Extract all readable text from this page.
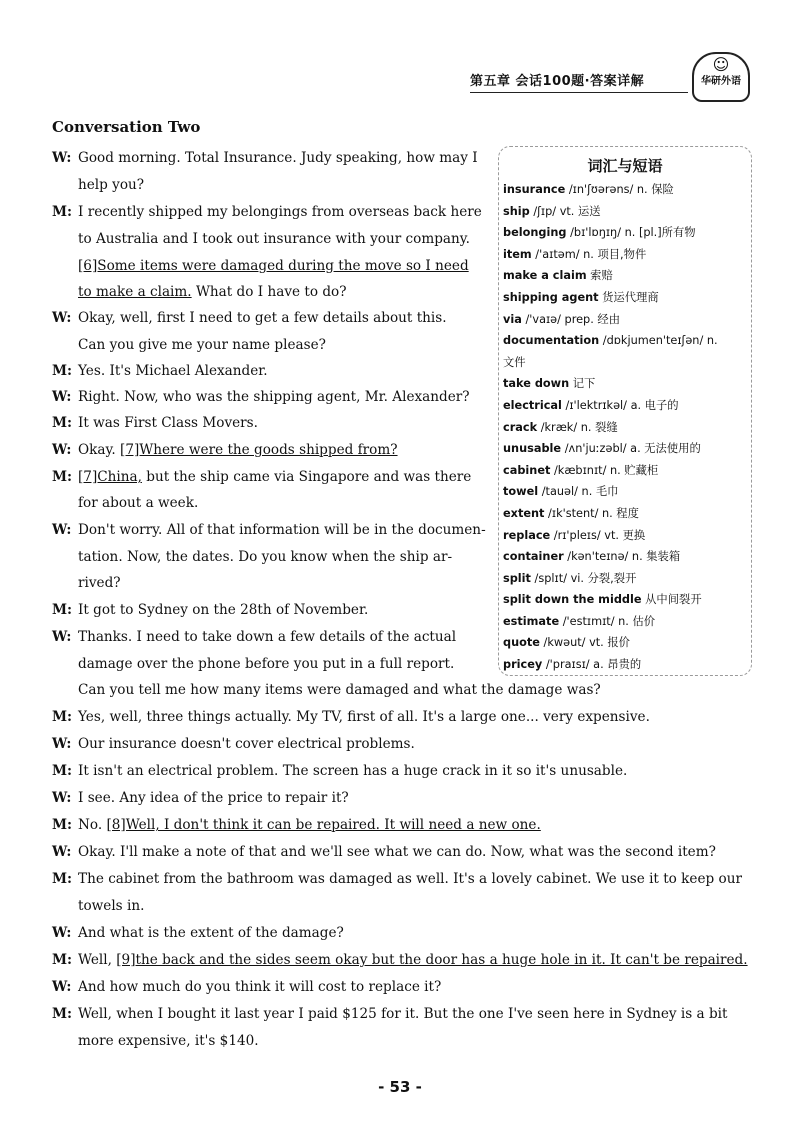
第五章 会话100题·答案详解
☺
华研外语
Conversation Two
W: Good morning. Total Insurance. Judy speaking, how may I
help you?
M: I recently shipped my belongings from overseas back here
to Australia and I took out insurance with your company.
[6]Some items were damaged during the move so I need
to make a claim. What do I have to do?
W: Okay, well, first I need to get a few details about this.
Can you give me your name please?
M: Yes. It's Michael Alexander.
W: Right. Now, who was the shipping agent, Mr. Alexander?
M: It was First Class Movers.
W: Okay. [7]Where were the goods shipped from?
M: [7]China, but the ship came via Singapore and was there
for about a week.
W: Don't worry. All of that information will be in the documen-
tation. Now, the dates. Do you know when the ship ar-
rived?
M: It got to Sydney on the 28th of November.
W: Thanks. I need to take down a few details of the actual
damage over the phone before you put in a full report.
Can you tell me how many items were damaged and what the damage was?
M: Yes, well, three things actually. My TV, first of all. It's a large one... very expensive.
W: Our insurance doesn't cover electrical problems.
M: It isn't an electrical problem. The screen has a huge crack in it so it's unusable.
W: I see. Any idea of the price to repair it?
M: No. [8]Well, I don't think it can be repaired. It will need a new one.
W: Okay. I'll make a note of that and we'll see what we can do. Now, what was the second item?
M: The cabinet from the bathroom was damaged as well. It's a lovely cabinet. We use it to keep our
towels in.
W: And what is the extent of the damage?
M: Well, [9]the back and the sides seem okay but the door has a huge hole in it. It can't be repaired.
W: And how much do you think it will cost to replace it?
M: Well, when I bought it last year I paid $125 for it. But the one I've seen here in Sydney is a bit
more expensive, it's $140.
词汇与短语
insurance /ɪn'ʃʊərəns/ n. 保险
ship /ʃɪp/ vt. 运送
belonging /bɪ'lɒŋɪŋ/ n. [pl.]所有物
item /'aɪtəm/ n. 项目,物件
make a claim 索赔
shipping agent 货运代理商
via /'vaɪə/ prep. 经由
documentation /dɒkjumen'teɪʃən/ n.
文件
take down 记下
electrical /ɪ'lektrɪkəl/ a. 电子的
crack /kræk/ n. 裂缝
unusable /ʌn'juːzəbl/ a. 无法使用的
cabinet /kæbɪnɪt/ n. 贮藏柜
towel /tauəl/ n. 毛巾
extent /ɪk'stent/ n. 程度
replace /rɪ'pleɪs/ vt. 更换
container /kən'teɪnə/ n. 集装箱
split /splɪt/ vi. 分裂,裂开
split down the middle 从中间裂开
estimate /'estɪmɪt/ n. 估价
quote /kwəut/ vt. 报价
pricey /'praɪsɪ/ a. 昂贵的
- 53 -
